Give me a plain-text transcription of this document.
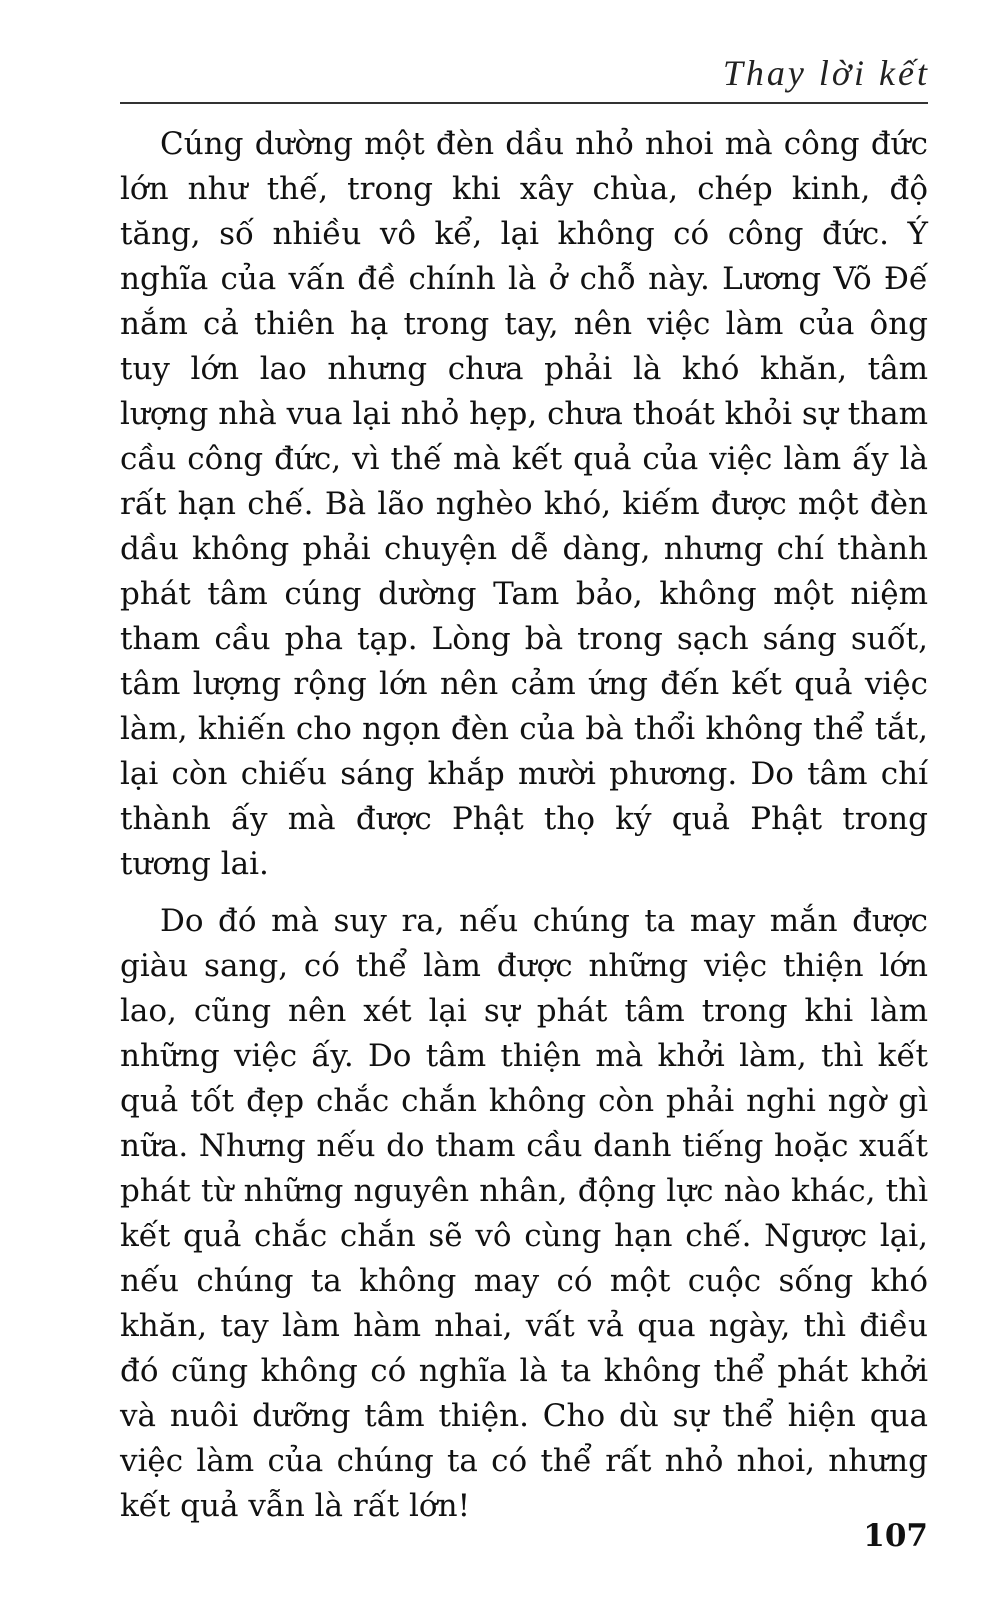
Thay lời kết

Cúng dường một đèn dầu nhỏ nhoi mà công đức lớn như thế, trong khi xây chùa, chép kinh, độ tăng, số nhiều vô kể, lại không có công đức. Ý nghĩa của vấn đề chính là ở chỗ này. Lương Võ Đế nắm cả thiên hạ trong tay, nên việc làm của ông tuy lớn lao nhưng chưa phải là khó khăn, tâm lượng nhà vua lại nhỏ hẹp, chưa thoát khỏi sự tham cầu công đức, vì thế mà kết quả của việc làm ấy là rất hạn chế. Bà lão nghèo khó, kiếm được một đèn dầu không phải chuyện dễ dàng, nhưng chí thành phát tâm cúng dường Tam bảo, không một niệm tham cầu pha tạp. Lòng bà trong sạch sáng suốt, tâm lượng rộng lớn nên cảm ứng đến kết quả việc làm, khiến cho ngọn đèn của bà thổi không thể tắt, lại còn chiếu sáng khắp mười phương. Do tâm chí thành ấy mà được Phật thọ ký quả Phật trong tương lai.

Do đó mà suy ra, nếu chúng ta may mắn được giàu sang, có thể làm được những việc thiện lớn lao, cũng nên xét lại sự phát tâm trong khi làm những việc ấy. Do tâm thiện mà khởi làm, thì kết quả tốt đẹp chắc chắn không còn phải nghi ngờ gì nữa. Nhưng nếu do tham cầu danh tiếng hoặc xuất phát từ những nguyên nhân, động lực nào khác, thì kết quả chắc chắn sẽ vô cùng hạn chế. Ngược lại, nếu chúng ta không may có một cuộc sống khó khăn, tay làm hàm nhai, vất vả qua ngày, thì điều đó cũng không có nghĩa là ta không thể phát khởi và nuôi dưỡng tâm thiện. Cho dù sự thể hiện qua việc làm của chúng ta có thể rất nhỏ nhoi, nhưng kết quả vẫn là rất lớn!

107
